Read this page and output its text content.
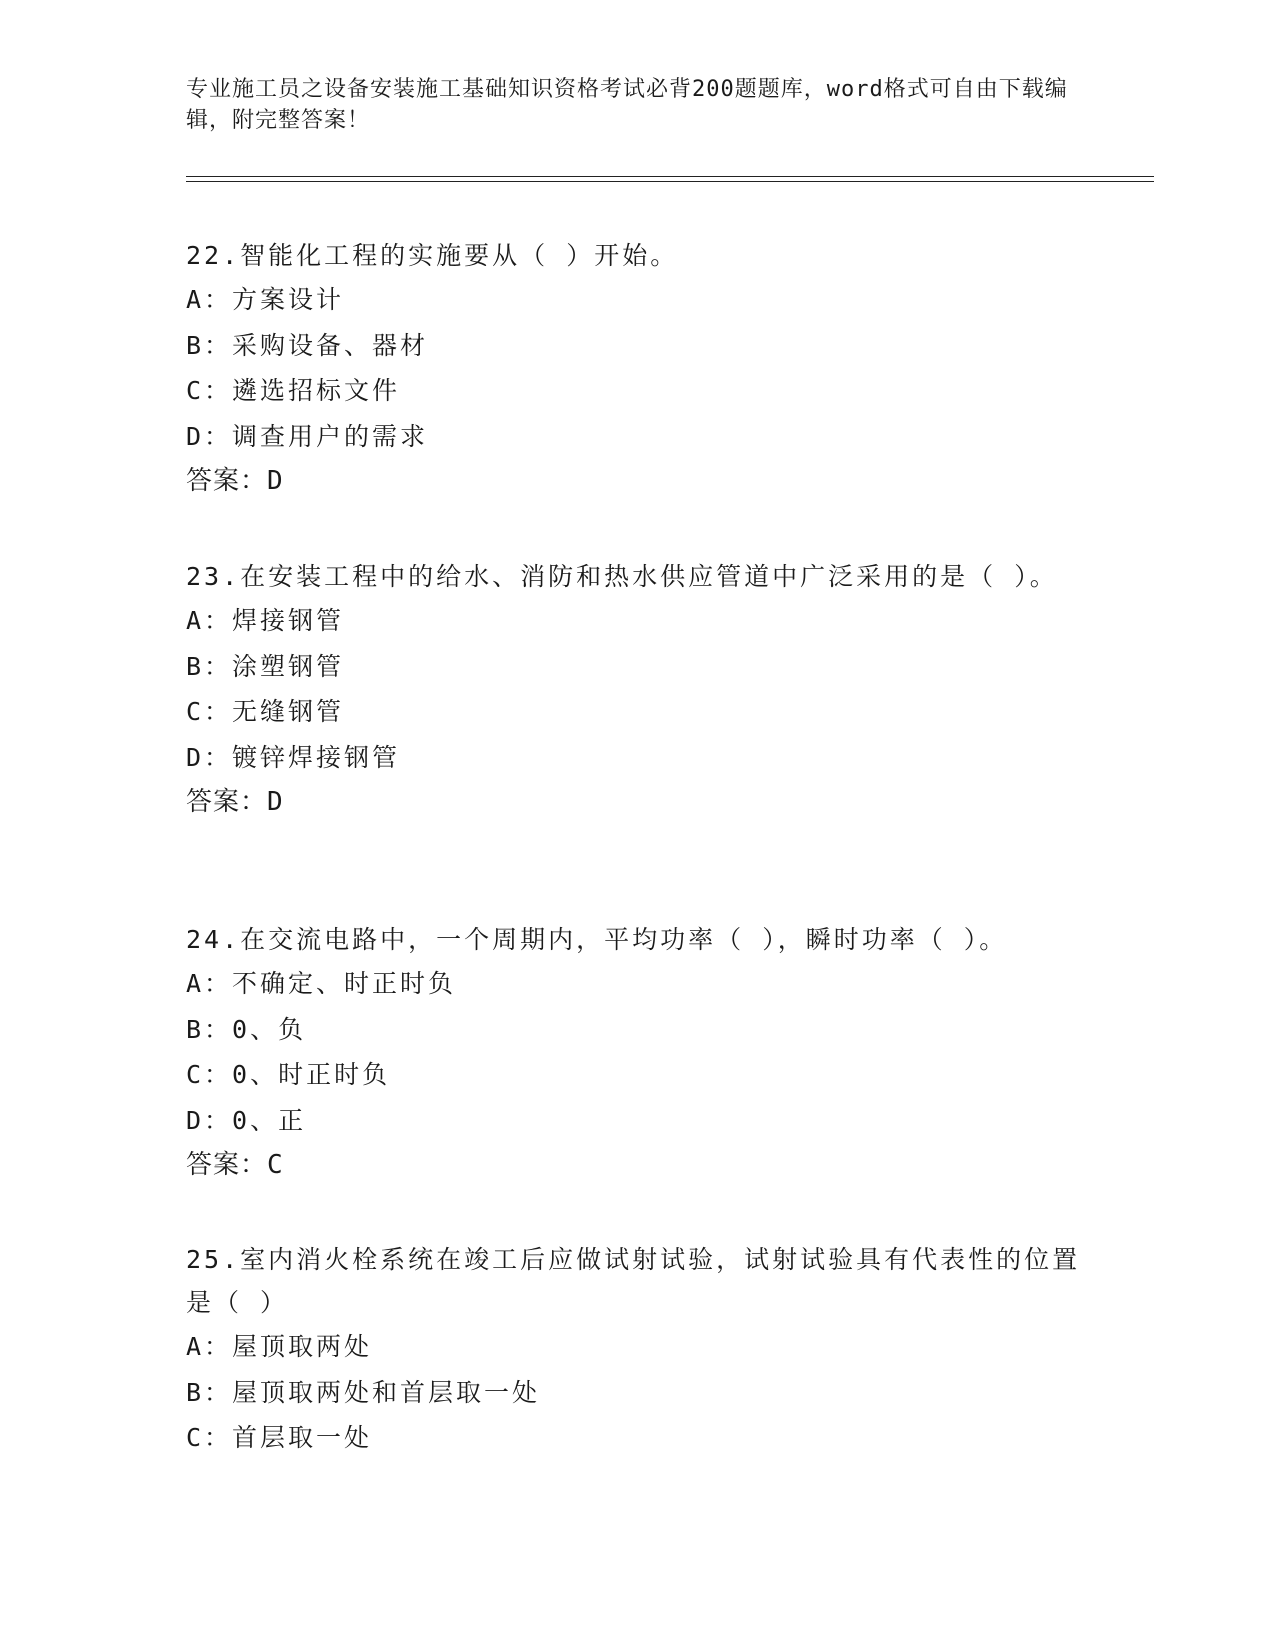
专业施工员之设备安装施工基础知识资格考试必背200题题库，word格式可自由下载编辑，附完整答案！

22.智能化工程的实施要从（ ）开始。

A：方案设计

B：采购设备、器材

C：遴选招标文件

D：调查用户的需求

答案：D

23.在安装工程中的给水、消防和热水供应管道中广泛采用的是（ ）。

A：焊接钢管

B：涂塑钢管

C：无缝钢管

D：镀锌焊接钢管

答案：D

24.在交流电路中，一个周期内，平均功率（ ），瞬时功率（ ）。

A：不确定、时正时负

B：0、负

C：0、时正时负

D：0、正

答案：C

25.室内消火栓系统在竣工后应做试射试验，试射试验具有代表性的位置是（ ）

A：屋顶取两处

B：屋顶取两处和首层取一处

C：首层取一处
